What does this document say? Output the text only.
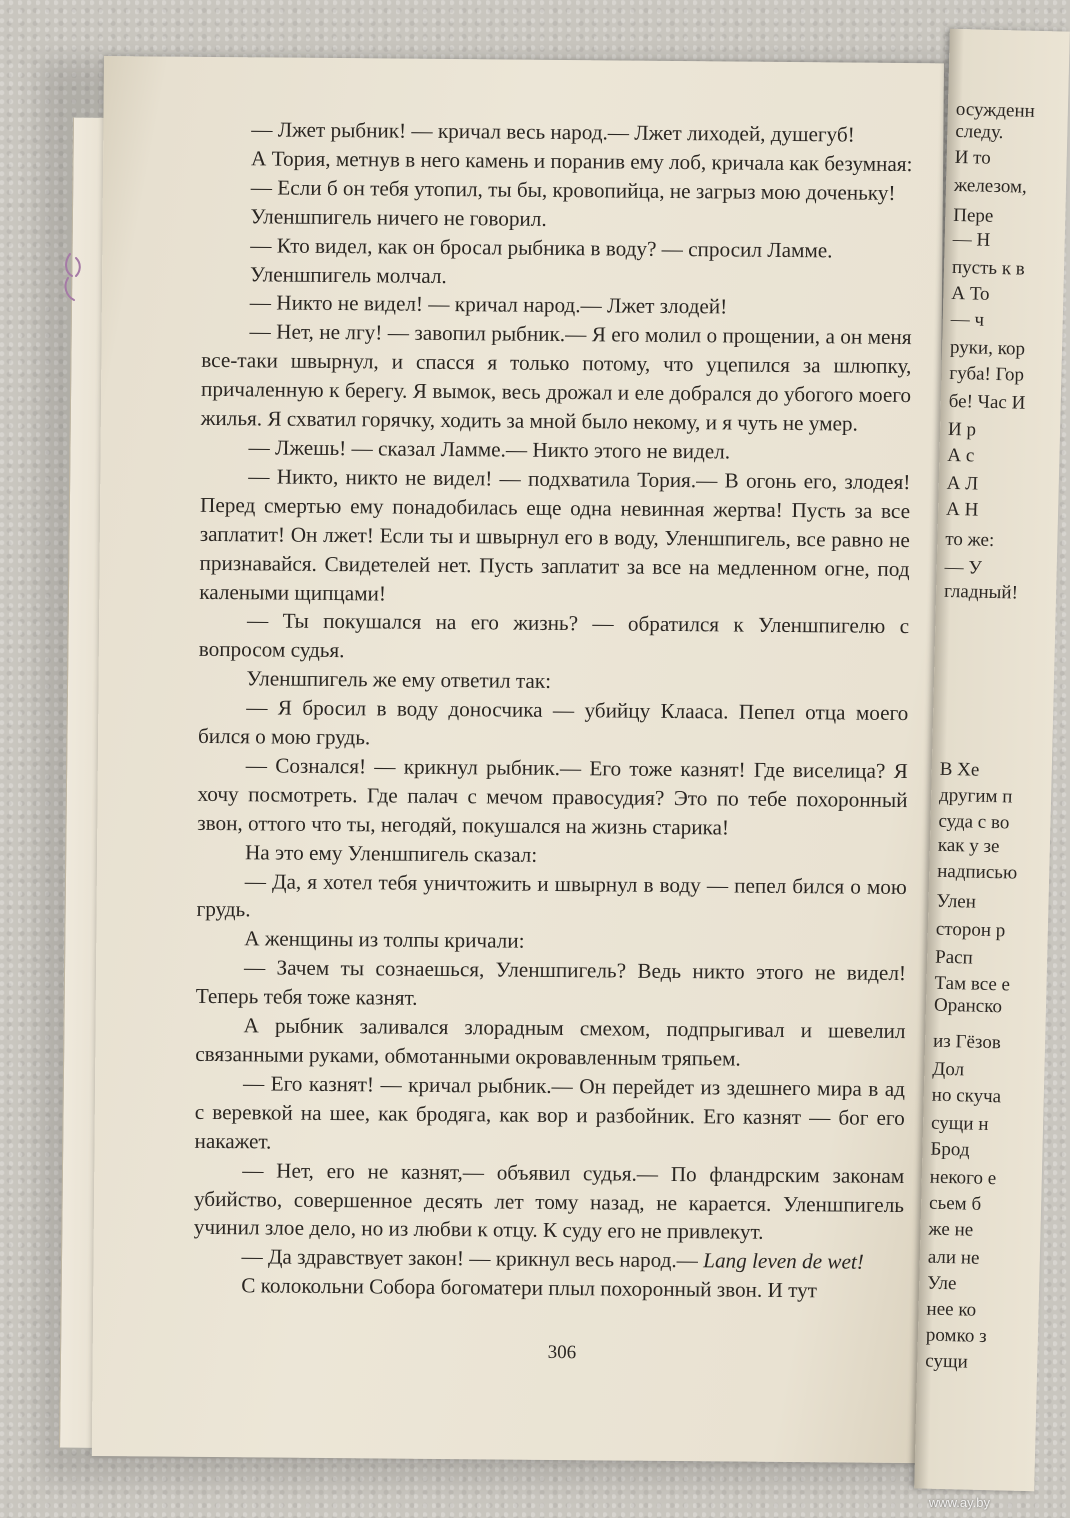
— Лжет рыбник! — кричал весь народ.— Лжет лиходей, душегуб!

А Тория, метнув в него камень и поранив ему лоб, кричала как безумная:

— Если б он тебя утопил, ты бы, кровопийца, не загрыз мою доченьку!

Уленшпигель ничего не говорил.

— Кто видел, как он бросал рыбника в воду? — спросил Ламме.

Уленшпигель молчал.

— Никто не видел! — кричал народ.— Лжет злодей!

— Нет, не лгу! — завопил рыбник.— Я его молил о прощении, а он меня все-таки швырнул, и спасся я только потому, что уцепился за шлюпку, причаленную к берегу. Я вымок, весь дрожал и еле добрался до убогого моего жилья. Я схватил горячку, ходить за мной было некому, и я чуть не умер.

— Лжешь! — сказал Ламме.— Никто этого не видел.

— Никто, никто не видел! — подхватила Тория.— В огонь его, злодея! Перед смертью ему понадобилась еще одна невинная жертва! Пусть за все заплатит! Он лжет! Если ты и швырнул его в воду, Уленшпигель, все равно не признавайся. Свидетелей нет. Пусть заплатит за все на медленном огне, под калеными щипцами!

— Ты покушался на его жизнь? — обратился к Уленшпигелю с вопросом судья.

Уленшпигель же ему ответил так:

— Я бросил в воду доносчика — убийцу Клааса. Пепел отца моего бился о мою грудь.

— Сознался! — крикнул рыбник.— Его тоже казнят! Где виселица? Я хочу посмотреть. Где палач с мечом правосудия? Это по тебе похоронный звон, оттого что ты, негодяй, покушался на жизнь старика!

На это ему Уленшпигель сказал:

— Да, я хотел тебя уничтожить и швырнул в воду — пепел бился о мою грудь.

А женщины из толпы кричали:

— Зачем ты сознаешься, Уленшпигель? Ведь никто этого не видел! Теперь тебя тоже казнят.

А рыбник заливался злорадным смехом, подпрыгивал и шевелил связанными руками, обмотанными окровавленным тряпьем.

— Его казнят! — кричал рыбник.— Он перейдет из здешнего мира в ад с веревкой на шее, как бродяга, как вор и разбойник. Его казнят — бог его накажет.

— Нет, его не казнят,— объявил судья.— По фландрским законам убийство, совершенное десять лет тому назад, не карается. Уленшпигель учинил злое дело, но из любви к отцу. К суду его не привлекут.

— Да здравствует закон! — крикнул весь народ.— Lang leven de wet!

С колокольни Собора богоматери плыл похоронный звон. И тут

306
осужденн
следу.
И то
железом,
Пере
— Н
пусть к в
А То
— ч
руки, кор
губа! Гор
бе! Час И
И р
А с
А Л
А Н
то же:
— У
гладный!
В Хе
другим п
суда с во
как у зе
надписью
Улен
сторон р
Расп
Там все е
Оранско
из Гёзов
Дол
но скуча
сущи н
Брод
некого е
сьем б
же не
али не
Уле
нее ко
ромко з
сущи
www.ay.by
